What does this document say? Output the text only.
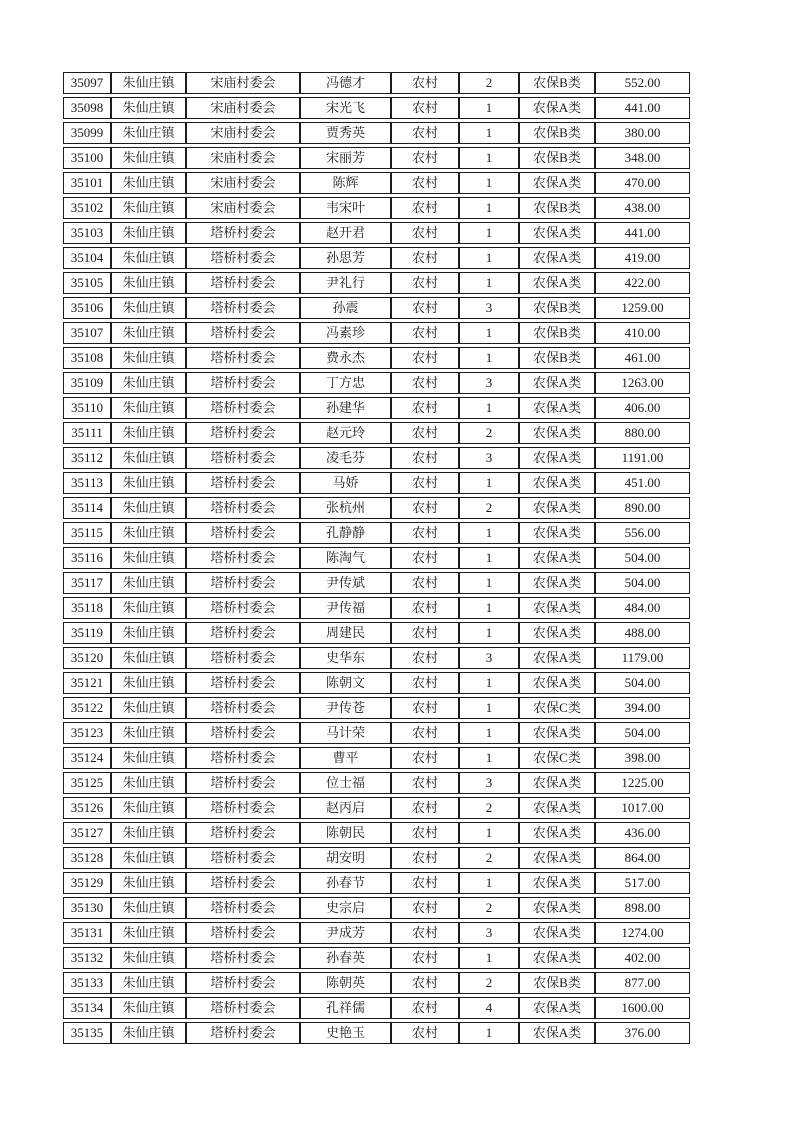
35097	朱仙庄镇	宋庙村委会	冯德才	农村	2	农保B类	552.00
35098	朱仙庄镇	宋庙村委会	宋光飞	农村	1	农保A类	441.00
35099	朱仙庄镇	宋庙村委会	贾秀英	农村	1	农保B类	380.00
35100	朱仙庄镇	宋庙村委会	宋丽芳	农村	1	农保B类	348.00
35101	朱仙庄镇	宋庙村委会	陈辉	农村	1	农保A类	470.00
35102	朱仙庄镇	宋庙村委会	韦宋叶	农村	1	农保B类	438.00
35103	朱仙庄镇	塔桥村委会	赵开君	农村	1	农保A类	441.00
35104	朱仙庄镇	塔桥村委会	孙思芳	农村	1	农保A类	419.00
35105	朱仙庄镇	塔桥村委会	尹礼行	农村	1	农保A类	422.00
35106	朱仙庄镇	塔桥村委会	孙震	农村	3	农保B类	1259.00
35107	朱仙庄镇	塔桥村委会	冯素珍	农村	1	农保B类	410.00
35108	朱仙庄镇	塔桥村委会	费永杰	农村	1	农保B类	461.00
35109	朱仙庄镇	塔桥村委会	丁方忠	农村	3	农保A类	1263.00
35110	朱仙庄镇	塔桥村委会	孙建华	农村	1	农保A类	406.00
35111	朱仙庄镇	塔桥村委会	赵元玲	农村	2	农保A类	880.00
35112	朱仙庄镇	塔桥村委会	凌毛芬	农村	3	农保A类	1191.00
35113	朱仙庄镇	塔桥村委会	马娇	农村	1	农保A类	451.00
35114	朱仙庄镇	塔桥村委会	张杭州	农村	2	农保A类	890.00
35115	朱仙庄镇	塔桥村委会	孔静静	农村	1	农保A类	556.00
35116	朱仙庄镇	塔桥村委会	陈淘气	农村	1	农保A类	504.00
35117	朱仙庄镇	塔桥村委会	尹传斌	农村	1	农保A类	504.00
35118	朱仙庄镇	塔桥村委会	尹传福	农村	1	农保A类	484.00
35119	朱仙庄镇	塔桥村委会	周建民	农村	1	农保A类	488.00
35120	朱仙庄镇	塔桥村委会	史华东	农村	3	农保A类	1179.00
35121	朱仙庄镇	塔桥村委会	陈朝文	农村	1	农保A类	504.00
35122	朱仙庄镇	塔桥村委会	尹传苍	农村	1	农保C类	394.00
35123	朱仙庄镇	塔桥村委会	马计荣	农村	1	农保A类	504.00
35124	朱仙庄镇	塔桥村委会	曹平	农村	1	农保C类	398.00
35125	朱仙庄镇	塔桥村委会	位士福	农村	3	农保A类	1225.00
35126	朱仙庄镇	塔桥村委会	赵丙启	农村	2	农保A类	1017.00
35127	朱仙庄镇	塔桥村委会	陈朝民	农村	1	农保A类	436.00
35128	朱仙庄镇	塔桥村委会	胡安明	农村	2	农保A类	864.00
35129	朱仙庄镇	塔桥村委会	孙春节	农村	1	农保A类	517.00
35130	朱仙庄镇	塔桥村委会	史宗启	农村	2	农保A类	898.00
35131	朱仙庄镇	塔桥村委会	尹成芳	农村	3	农保A类	1274.00
35132	朱仙庄镇	塔桥村委会	孙春英	农村	1	农保A类	402.00
35133	朱仙庄镇	塔桥村委会	陈朝英	农村	2	农保B类	877.00
35134	朱仙庄镇	塔桥村委会	孔祥儒	农村	4	农保A类	1600.00
35135	朱仙庄镇	塔桥村委会	史艳玉	农村	1	农保A类	376.00
